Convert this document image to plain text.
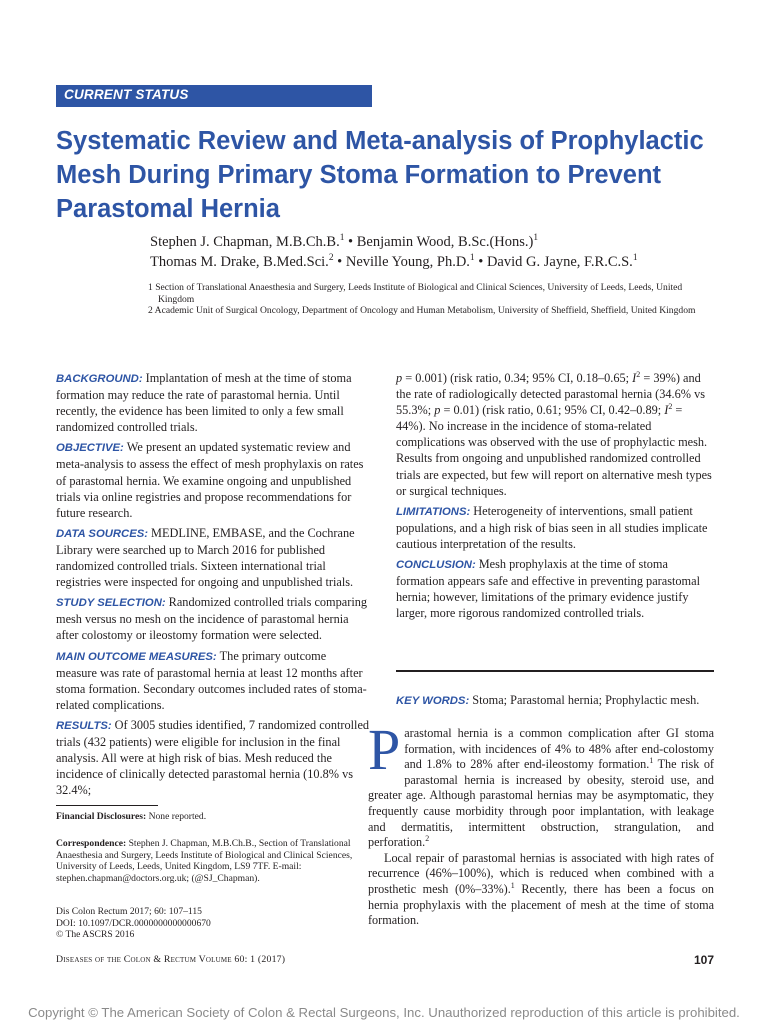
CURRENT STATUS
Systematic Review and Meta-analysis of Prophylactic Mesh During Primary Stoma Formation to Prevent Parastomal Hernia
Stephen J. Chapman, M.B.Ch.B.$^1$ • Benjamin Wood, B.Sc.(Hons.)$^1$
Thomas M. Drake, B.Med.Sci.$^2$ • Neville Young, Ph.D.$^1$ • David G. Jayne, F.R.C.S.$^1$
1 Section of Translational Anaesthesia and Surgery, Leeds Institute of Biological and Clinical Sciences, University of Leeds, Leeds, United Kingdom
2 Academic Unit of Surgical Oncology, Department of Oncology and Human Metabolism, University of Sheffield, Sheffield, United Kingdom

BACKGROUND: Implantation of mesh at the time of stoma formation may reduce the rate of parastomal hernia. Until recently, the evidence has been limited to only a few small randomized controlled trials.

OBJECTIVE: We present an updated systematic review and meta-analysis to assess the effect of mesh prophylaxis on rates of parastomal hernia. We examine ongoing and unpublished trials via online registries and propose recommendations for future research.

DATA SOURCES: MEDLINE, EMBASE, and the Cochrane Library were searched up to March 2016 for published randomized controlled trials. Sixteen international trial registries were inspected for ongoing and unpublished trials.

STUDY SELECTION: Randomized controlled trials comparing mesh versus no mesh on the incidence of parastomal hernia after colostomy or ileostomy formation were selected.

MAIN OUTCOME MEASURES: The primary outcome measure was rate of parastomal hernia at least 12 months after stoma formation. Secondary outcomes included rates of stoma-related complications.

RESULTS: Of 3005 studies identified, 7 randomized controlled trials (432 patients) were eligible for inclusion in the final analysis. All were at high risk of bias. Mesh reduced the incidence of clinically detected parastomal hernia (10.8% vs 32.4%;

p = 0.001) (risk ratio, 0.34; 95% CI, 0.18–0.65; $I^2 = 39\%$) and the rate of radiologically detected parastomal hernia (34.6% vs 55.3%; p = 0.01) (risk ratio, 0.61; 95% CI, 0.42–0.89; $I^2 = 44\%$). No increase in the incidence of stoma-related complications was observed with the use of prophylactic mesh. Results from ongoing and unpublished randomized controlled trials are expected, but few will report on alternative mesh types or surgical techniques.

LIMITATIONS: Heterogeneity of interventions, small patient populations, and a high risk of bias seen in all studies implicate cautious interpretation of the results.

CONCLUSION: Mesh prophylaxis at the time of stoma formation appears safe and effective in preventing parastomal hernia; however, limitations of the primary evidence justify larger, more rigorous randomized controlled trials.

KEY WORDS: Stoma; Parastomal hernia; Prophylactic mesh.

Parastomal hernia is a common complication after GI stoma formation, with incidences of 4% to 48% after end-colostomy and 1.8% to 28% after end-ileostomy formation.$^1$ The risk of parastomal hernia is increased by obesity, steroid use, and greater age. Although parastomal hernias may be asymptomatic, they frequently cause morbidity through poor implantation, with leakage and dermatitis, intermittent obstruction, strangulation, and perforation.$^2$

Local repair of parastomal hernias is associated with high rates of recurrence (46%–100%), which is reduced when combined with a prosthetic mesh (0%–33%).$^1$ Recently, there has been a focus on hernia prophylaxis with the placement of mesh at the time of stoma formation.

Financial Disclosures: None reported.
Correspondence: Stephen J. Chapman, M.B.Ch.B., Section of Translational Anaesthesia and Surgery, Leeds Institute of Biological and Clinical Sciences, University of Leeds, Leeds, United Kingdom, LS9 7TF. E-mail: stephen.chapman@doctors.org.uk; (@SJ_Chapman).
Dis Colon Rectum 2017; 60: 107–115
DOI: 10.1097/DCR.0000000000000670
© The ASCRS 2016
Diseases of the Colon & Rectum Volume 60: 1 (2017)	107
Copyright © The American Society of Colon & Rectal Surgeons, Inc. Unauthorized reproduction of this article is prohibited.
